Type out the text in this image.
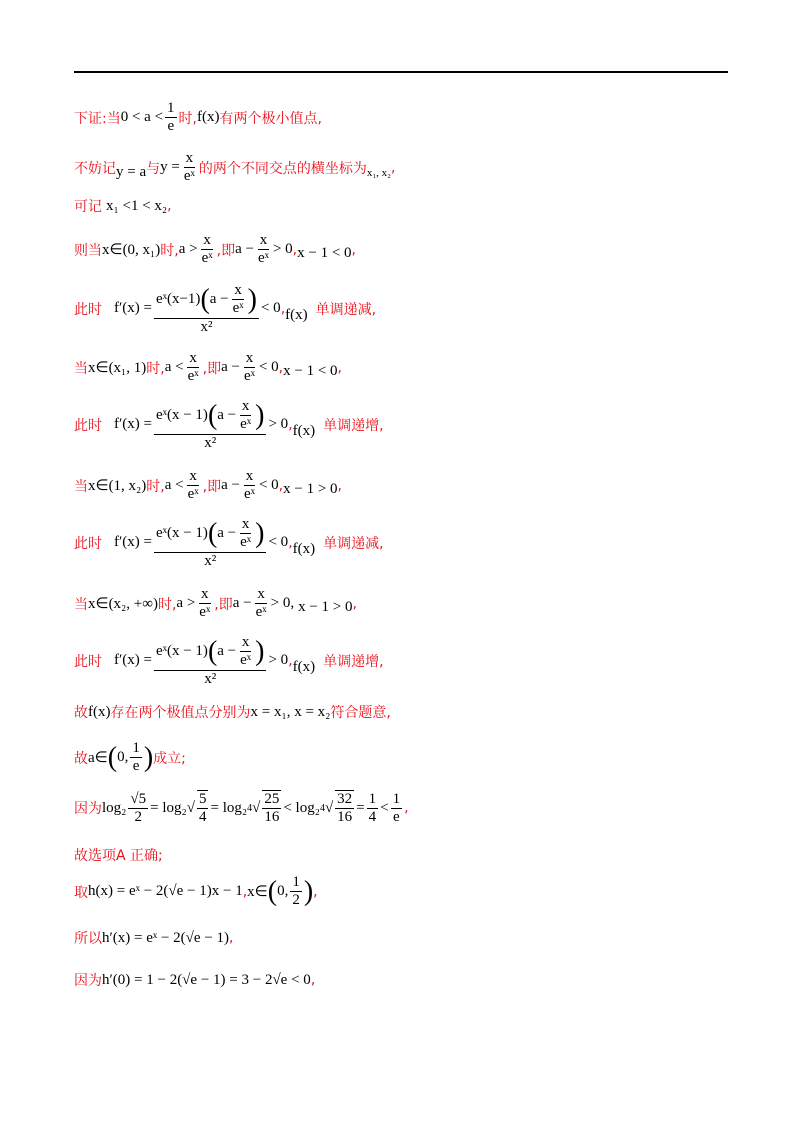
下证:当 $0 < a < \frac{1}{e}$ 时, f(x) 有两个极小值点,
不妨记 y = a 与 $y = \frac{x}{\text{eˣ}}$ 的两个不同交点的横坐标为 x₁, x₂ ,
可记 x₁ <1 < x₂ ,
则当 x∈(0, x₁) 时, $a > \frac{x}{\text{eˣ}}$ ,即 $a - \frac{x}{\text{eˣ}} > 0$ , x − 1 < 0 ,
此时 $f'(x) = \frac{eˣ(x-1) ( a - \frac{x}{\text{eˣ}} )}{\text{x²}} < 0$ , f(x) 单调递减,
当 x∈(x₁, 1) 时, $a < \frac{x}{\text{eˣ}}$ ,即 $a - \frac{x}{\text{eˣ}} < 0$ , x − 1 < 0 ,
此时 $f'(x) = \frac{eˣ(x - 1) ( a - \frac{x}{\text{eˣ}} )}{\text{x²}} > 0$ , f(x) 单调递增,
当 x∈(1, x₂) 时, $a < \frac{x}{\text{eˣ}}$ ,即 $a - \frac{x}{\text{eˣ}} < 0$ , x − 1 > 0 ,
此时 $f'(x) = \frac{eˣ(x - 1) ( a - \frac{x}{\text{eˣ}} )}{\text{x²}} < 0$ , f(x) 单调递减,
当 x∈(x₂, +∞) 时, $a > \frac{x}{\text{eˣ}}$ ,即 $a - \frac{x}{\text{eˣ}} > 0$, x − 1 > 0 ,
此时 $f'(x) = \frac{eˣ(x - 1) ( a - \frac{x}{\text{eˣ}} )}{\text{x²}} > 0$ , f(x) 单调递增,
故 f(x) 存在两个极值点分别为 x = x₁, x = x₂ 符合题意,
故 a∈ ( 0, $\frac{1}{e}$ ) 成立;
因为 $\log_2 \frac{√5}{2} = \log_2$ √ $\frac{5}{4} = \log_2$ 4 √ $\frac{25}{16} < \log_2$ 4 √ $\frac{32}{16} = \frac{1}{4} < \frac{1}{e}$ ,
故选项A 正确;
取 h(x) = eˣ − 2(√e − 1)x − 1 , x∈ ( 0, $\frac{1}{2}$ ) ,
所以 h′(x) = eˣ − 2(√e − 1) ,
因为 h′(0) = 1 − 2(√e − 1) = 3 − 2√e < 0 ,
